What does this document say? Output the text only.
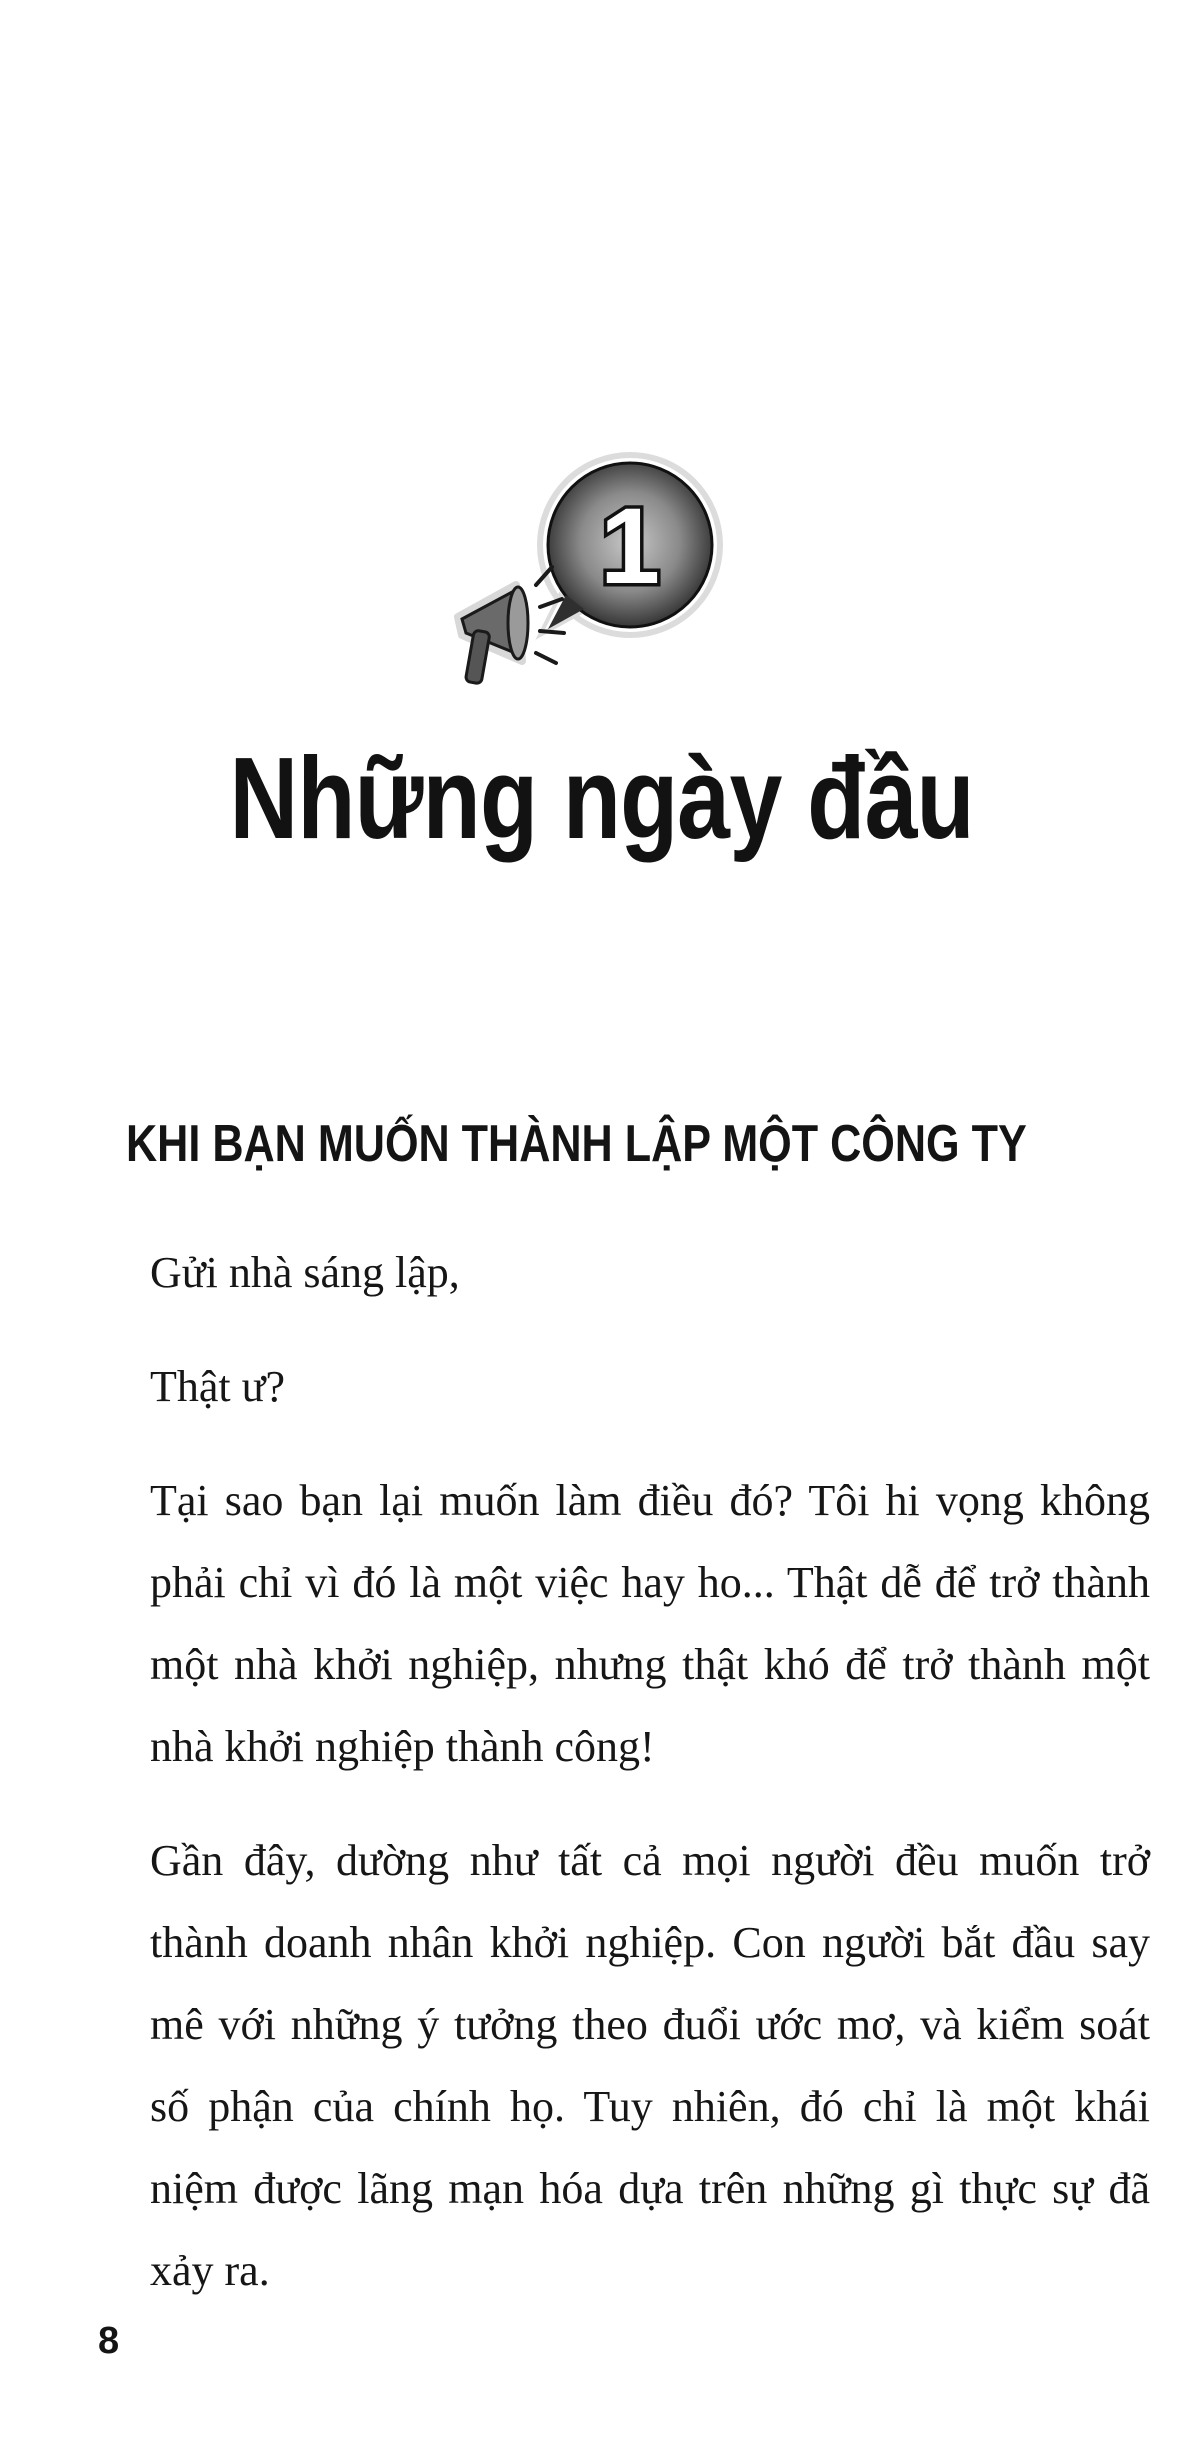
1
Những ngày đầu
KHI BẠN MUỐN THÀNH LẬP MỘT CÔNG TY

Gửi nhà sáng lập,

Thật ư?

Tại sao bạn lại muốn làm điều đó? Tôi hi vọng không phải chỉ vì đó là một việc hay ho... Thật dễ để trở thành một nhà khởi nghiệp, nhưng thật khó để trở thành một nhà khởi nghiệp thành công!

Gần đây, dường như tất cả mọi người đều muốn trở thành doanh nhân khởi nghiệp. Con người bắt đầu say mê với những ý tưởng theo đuổi ước mơ, và kiểm soát số phận của chính họ. Tuy nhiên, đó chỉ là một khái niệm được lãng mạn hóa dựa trên những gì thực sự đã xảy ra.

8
